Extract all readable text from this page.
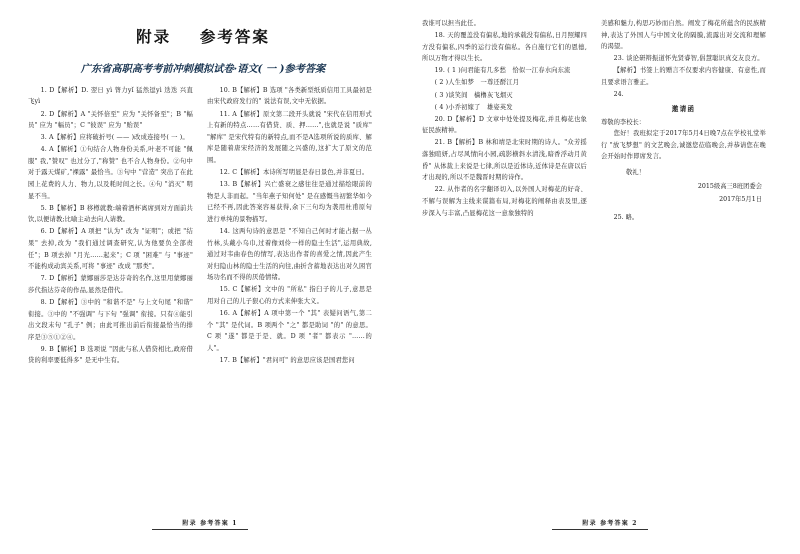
附录 参考答案
广东省高职高考考前冲刺模拟试卷·语文( 一 )参考答案

1. D【解析】D. 翌日 yì 膂力yǐ 猛然逗yì 迭迭 兴直飞yì

2. D【解析】A "关怀倍至" 应为 "关怀备至"；B "幅员" 应为 "幅员"；C "彼误" 应为 "贻误"

3. A【解析】应将破折号( —— )改成连接号( 一 )。

4. A【解析】①句结合人物身份关系,叶老不可能 "佩服" 我,"赞叹" 也过分了,"称赞" 也不合人物身份。②句中对于露天煤矿,"裸露" 最恰当。③句中 "营造" 突出了在此园上花费的人力、物力,以及耗时间之长。④句 "消灭" 明显不当。

5. B【解析】B 移樽就教:端着酒杯离席到对方面前共饮,以便请教;比喻主动去向人请教。

6. D【解析】A 项把 "认为" 改为 "证明"；或把 "结果" 去掉,改为 "我们通过调查研究,认为他要负全部责任"；B 项去掉 "月光……起来"；C 项 "困难" 与 "事迹" 不能构成动宾关系,可将 "事迹" 改成 "那类"。

7. D【解析】蒙娜丽莎是达芬奇的名作,这里用蒙娜丽莎代指达芬奇的作品,显然是借代。

8. D【解析】③中的 "和谐不是" 与上文句尾 "和谐" 衔接。③中的 "不强调" 与下句 "强调" 衔接。只有④能引出文段末句 "孔子" 例；由此可推出前后衔接最恰当的排序是③⑤①②④。

9. B【解析】B 选项说 "因此与私人借贷相比,政府借贷的利率要低得多" 是无中生有。

10. B【解析】B 选项 "各类新型纸质信用工具最初是由宋代政府发行的" 说法有误,文中无依据。

11. A【解析】原文第二段开头就说 "宋代在信用形式上有新的特点……有借贷、质、押……",也就是说 "质库" "解库" 是宋代特有的新特点,而不是A选项所说的质库、解库是随着唐宋经济的发展随之兴盛的,这扩大了原文的范围。

12. C【解析】本诗所写明显是春日景色,并非夏日。

13. B【解析】兴亡盛衰之感往往是通过描绘眼前的物是人非而起。"当年燕子知何处" 是在感慨当初繁华如今已经不再,因此答案容易获得,余下三句均为袭用杜甫原句进行单纯的景物描写。

14. 这两句诗的意思是 "不知自己何时才能占据一丛竹林,头戴小乌巾,过着像刘伶一样的隐士生活",运用典故,通过对韦曲春色的情写,表达出作者的喜爱之情,因此产生对归隐山林的隐士生活的向往,曲折含蓄地表达出对久困官场功名而不得的厌倦情绪。

15. C【解析】文中的 "所私" 指臼子的儿子,意思是用对自己的儿子狠心的方式来伸张大义。

16. A【解析】A 项中第一个 "其" 表疑问语气,第二个 "其" 是代词。B 项两个 "之" 都是助词 "的" 的意思。C 项 "遂" 都是于是、就。D 项 "者" 都表示 "……的人"。

17. B【解析】"君问可" 的意思应该是国君您问

附录 参考答案 1

我谁可以担当此任。

18. 天的覆盖没有偏私,地的承载没有偏私,日月照耀四方没有偏私,四季的运行没有偏私。各自施行它们的恩德,所以万物才得以生长。

19. ( 1 )问君能有几多愁　恰似一江春水向东流

( 2 )人生如梦　一尊还酹江月

( 3 )谈笑间　樯橹灰飞烟灭

( 4 )小乔初嫁了　雄姿英发

20. D【解析】D 文章中处处提及梅花,并且梅花也象征民族精神。

21. B【解析】B 林和靖是北宋时期的诗人。"众芳摇落独暄妍,占尽风情向小园,疏影横斜水清浅,暗香浮动月黄昏" 从体裁上来说是七律,所以是近体诗,近体诗是在唐以后才出现的,所以不是魏晋时期的诗作。

22. 从作者的名字翻译切入,以外国人对梅花的好奇、不解与误解为主线来谋篇布局,对梅花的阐释由表及里,逐步深入与丰富,凸显梅花这一意象独特的

美感和魅力,构思巧妙而自然。阐发了梅花所蕴含的民族精神,表达了外国人与中国文化的隔膜,流露出对交流和理解的渴望。

23. 谈论研辩振道怀先贤睿智,倡慧聪识真交友良方。

【解析】书签上的赠言不仅要求内容健康、有意性,而且要求语言雅正。

24.

邀请函

尊敬的李校长：

您好！我班拟定于2017年5月4日晚7点在学校礼堂举行 "放飞梦想" 的文艺晚会,诚邀您莅临晚会,并恭请您在晚会开始时作即席发言。

敬礼！

2015级高三8班团委会

2017年5月1日

25. 略。

附录 参考答案 2
